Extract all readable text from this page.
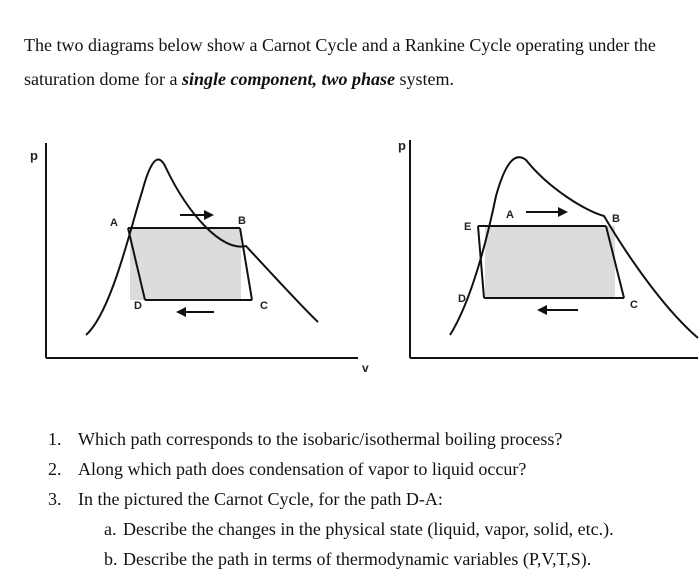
The two diagrams below show a Carnot Cycle and a Rankine Cycle operating under the
saturation dome for a single component, two phase system.

p
v
A	B
C
D
p
E
A	B
C
D
1. Which path corresponds to the isobaric/isothermal boiling process?
2. Along which path does condensation of vapor to liquid occur?
3. In the pictured the Carnot Cycle, for the path D-A:
a. Describe the changes in the physical state (liquid, vapor, solid, etc.).
b. Describe the path in terms of thermodynamic variables (P,V,T,S).
